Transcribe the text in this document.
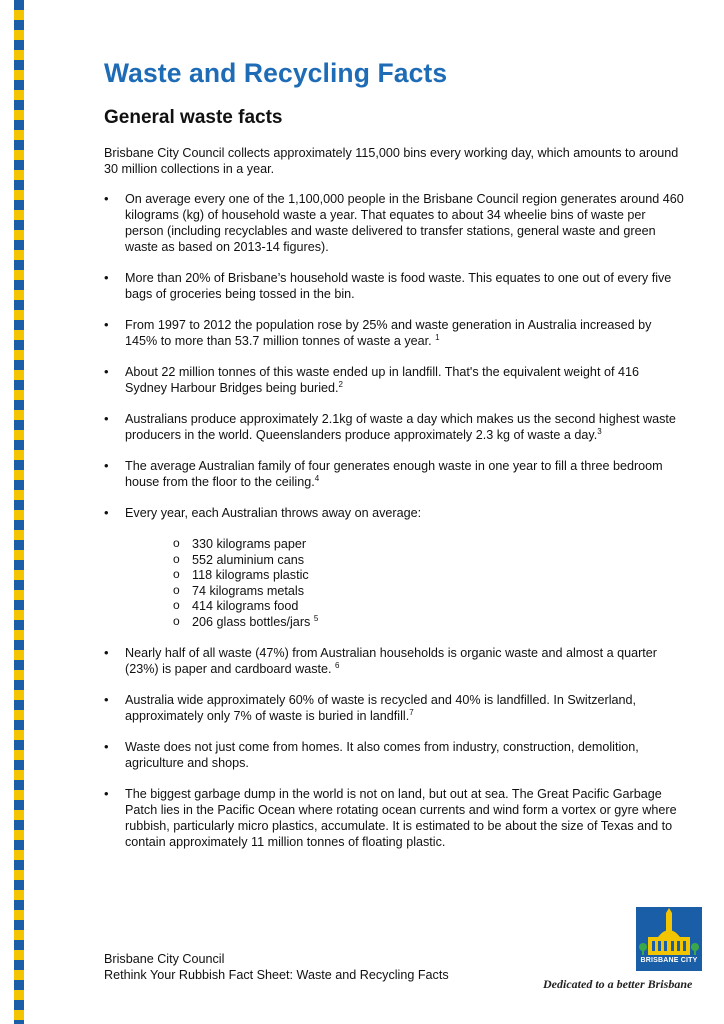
Waste and Recycling Facts
General waste facts

Brisbane City Council collects approximately 115,000 bins every working day, which amounts to around 30 million collections in a year.

• On average every one of the 1,100,000 people in the Brisbane Council region generates around 460 kilograms (kg) of household waste a year. That equates to about 34 wheelie bins of waste per person (including recyclables and waste delivered to transfer stations, general waste and green waste as based on 2013-14 figures).
• More than 20% of Brisbane’s household waste is food waste. This equates to one out of every five bags of groceries being tossed in the bin.
• From 1997 to 2012 the population rose by 25% and waste generation in Australia increased by 145% to more than 53.7 million tonnes of waste a year. $^1$
• About 22 million tonnes of this waste ended up in landfill. That's the equivalent weight of 416 Sydney Harbour Bridges being buried.$^2$
• Australians produce approximately 2.1kg of waste a day which makes us the second highest waste producers in the world. Queenslanders produce approximately 2.3 kg of waste a day.$^3$
• The average Australian family of four generates enough waste in one year to fill a three bedroom house from the floor to the ceiling.$^4$
• Every year, each Australian throws away on average:
o 330 kilograms paper
o 552 aluminium cans
o 118 kilograms plastic
o 74 kilograms metals
o 414 kilograms food
o 206 glass bottles/jars $^5$
• Nearly half of all waste (47%) from Australian households is organic waste and almost a quarter (23%) is paper and cardboard waste. $^6$
• Australia wide approximately 60% of waste is recycled and 40% is landfilled. In Switzerland, approximately only 7% of waste is buried in landfill.$^7$
• Waste does not just come from homes. It also comes from industry, construction, demolition, agriculture and shops.
• The biggest garbage dump in the world is not on land, but out at sea. The Great Pacific Garbage Patch lies in the Pacific Ocean where rotating ocean currents and wind form a vortex or gyre where rubbish, particularly micro plastics, accumulate. It is estimated to be about the size of Texas and to contain approximately 11 million tonnes of floating plastic.
Brisbane City Council
Rethink Your Rubbish Fact Sheet: Waste and Recycling Facts
BRISBANE CITY
Dedicated to a better Brisbane
